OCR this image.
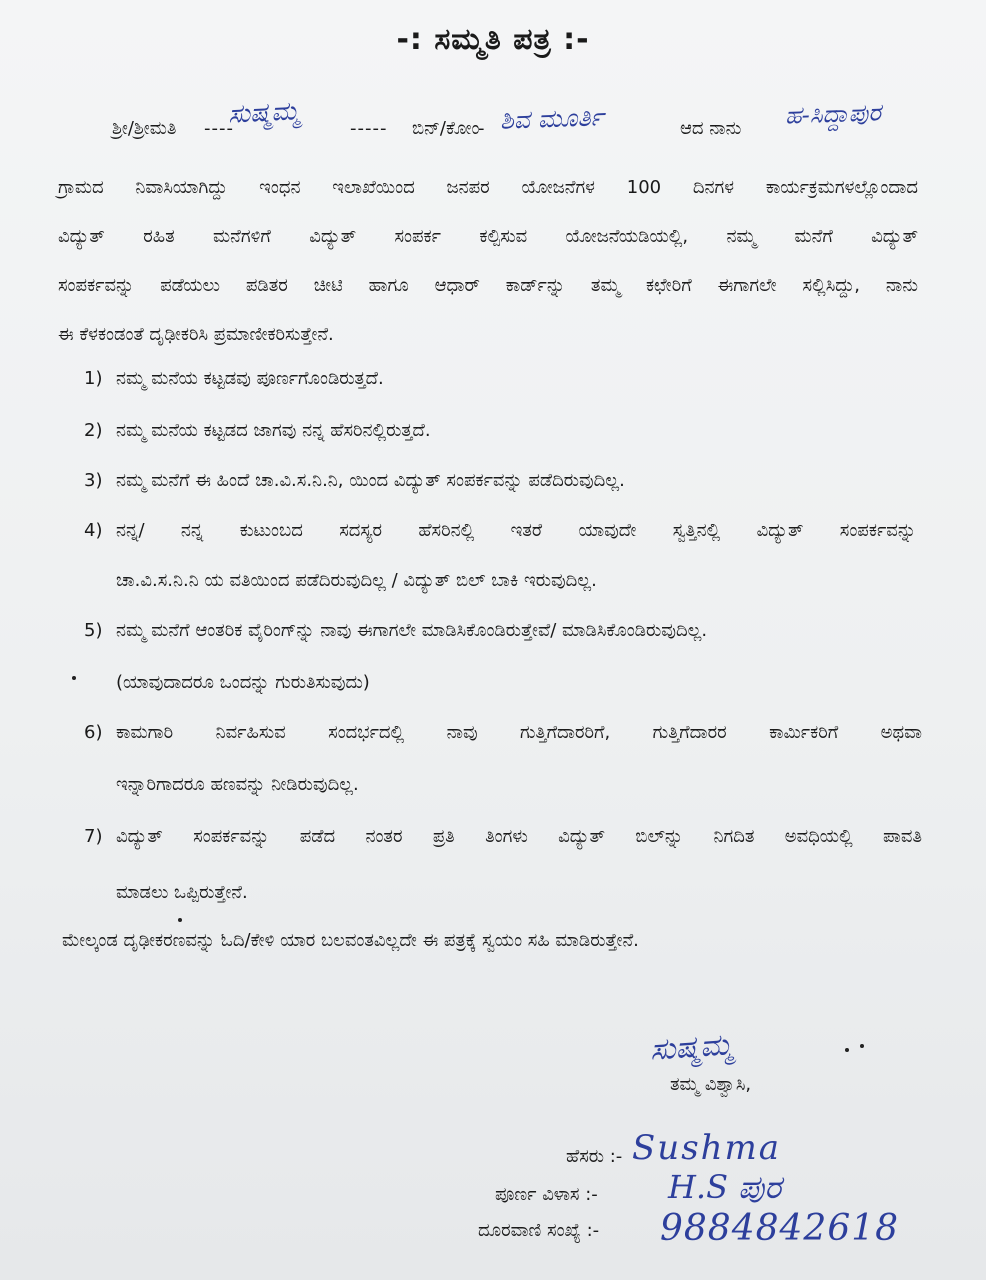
-: ಸಮ್ಮತಿ ಪತ್ರ :-
ಶ್ರೀ/ಶ್ರೀಮತಿ ----
ಸುಷ್ಮಮ್ಮ	----- ಬಿನ್/ಕೋಂ
- ಶಿವ ಮೂರ್ತಿ	ಆದ ನಾನು ಹ-ಸಿದ್ದಾಪುರ
ಗ್ರಾಮದ ನಿವಾಸಿಯಾಗಿದ್ದು ಇಂಧನ ಇಲಾಖೆಯಿಂದ ಜನಪರ ಯೋಜನೆಗಳ 100 ದಿನಗಳ ಕಾರ್ಯಕ್ರಮಗಳಲ್ಲೊಂದಾದ
ವಿದ್ಯುತ್ ರಹಿತ ಮನೆಗಳಿಗೆ ವಿದ್ಯುತ್ ಸಂಪರ್ಕ ಕಲ್ಪಿಸುವ ಯೋಜನೆಯಡಿಯಲ್ಲಿ, ನಮ್ಮ ಮನೆಗೆ ವಿದ್ಯುತ್
ಸಂಪರ್ಕವನ್ನು ಪಡೆಯಲು ಪಡಿತರ ಚೀಟಿ ಹಾಗೂ ಆಧಾರ್ ಕಾರ್ಡ್‌ನ್ನು ತಮ್ಮ ಕಛೇರಿಗೆ ಈಗಾಗಲೇ ಸಲ್ಲಿಸಿದ್ದು, ನಾನು
ಈ ಕೆಳಕಂಡಂತೆ ದೃಢೀಕರಿಸಿ ಪ್ರಮಾಣೀಕರಿಸುತ್ತೇನೆ.
1) ನಮ್ಮ ಮನೆಯ ಕಟ್ಟಡವು ಪೂರ್ಣಗೊಂಡಿರುತ್ತದೆ.
2) ನಮ್ಮ ಮನೆಯ ಕಟ್ಟಡದ ಜಾಗವು ನನ್ನ ಹೆಸರಿನಲ್ಲಿರುತ್ತದೆ.
3) ನಮ್ಮ ಮನೆಗೆ ಈ ಹಿಂದೆ ಚಾ.ವಿ.ಸ.ನಿ.ನಿ, ಯಿಂದ ವಿದ್ಯುತ್ ಸಂಪರ್ಕವನ್ನು ಪಡೆದಿರುವುದಿಲ್ಲ.
4) ನನ್ನ/ ನನ್ನ ಕುಟುಂಬದ ಸದಸ್ಯರ ಹೆಸರಿನಲ್ಲಿ ಇತರೆ ಯಾವುದೇ ಸ್ವತ್ತಿನಲ್ಲಿ ವಿದ್ಯುತ್ ಸಂಪರ್ಕವನ್ನು
ಚಾ.ವಿ.ಸ.ನಿ.ನಿ ಯ ವತಿಯಿಂದ ಪಡೆದಿರುವುದಿಲ್ಲ / ವಿದ್ಯುತ್ ಬಿಲ್ ಬಾಕಿ ಇರುವುದಿಲ್ಲ.
5) ನಮ್ಮ ಮನೆಗೆ ಆಂತರಿಕ ವೈರಿಂಗ್‌ನ್ನು ನಾವು ಈಗಾಗಲೇ ಮಾಡಿಸಿಕೊಂಡಿರುತ್ತೇವೆ/ ಮಾಡಿಸಿಕೊಂಡಿರುವುದಿಲ್ಲ.
(ಯಾವುದಾದರೂ ಒಂದನ್ನು ಗುರುತಿಸುವುದು)
6) ಕಾಮಗಾರಿ ನಿರ್ವಹಿಸುವ ಸಂದರ್ಭದಲ್ಲಿ ನಾವು ಗುತ್ತಿಗೆದಾರರಿಗೆ, ಗುತ್ತಿಗೆದಾರರ ಕಾರ್ಮಿಕರಿಗೆ ಅಥವಾ
ಇನ್ನಾರಿಗಾದರೂ ಹಣವನ್ನು ನೀಡಿರುವುದಿಲ್ಲ.
7) ವಿದ್ಯುತ್ ಸಂಪರ್ಕವನ್ನು ಪಡೆದ ನಂತರ ಪ್ರತಿ ತಿಂಗಳು ವಿದ್ಯುತ್ ಬಿಲ್‌ನ್ನು ನಿಗದಿತ ಅವಧಿಯಲ್ಲಿ ಪಾವತಿ
ಮಾಡಲು ಒಪ್ಪಿರುತ್ತೇನೆ.
ಮೇಲ್ಕಂಡ ದೃಢೀಕರಣವನ್ನು ಓದಿ/ಕೇಳಿ ಯಾರ ಬಲವಂತವಿಲ್ಲದೇ ಈ ಪತ್ರಕ್ಕೆ ಸ್ವಯಂ ಸಹಿ ಮಾಡಿರುತ್ತೇನೆ.
ಸುಷ್ಮಮ್ಮ
ತಮ್ಮ ವಿಶ್ವಾಸಿ,
ಹೆಸರು :- Sushma
ಪೂರ್ಣ ವಿಳಾಸ :- H.S ಪುರ
ದೂರವಾಣಿ ಸಂಖ್ಯೆ :- 9884842618
